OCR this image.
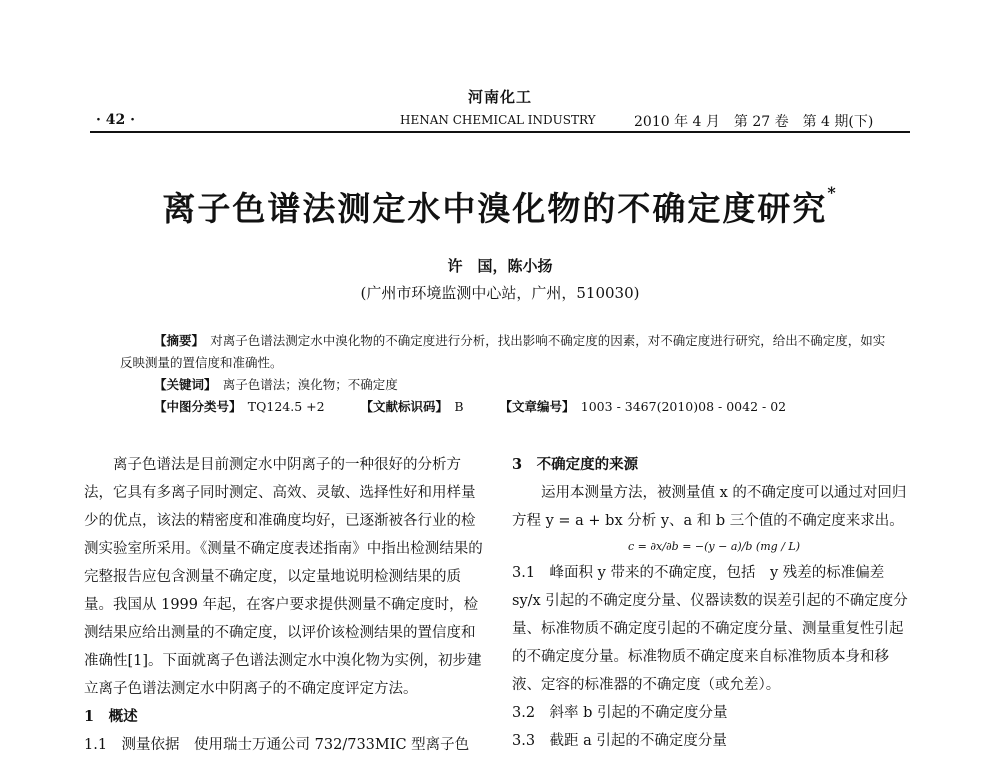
河南化工
· 42 ·	HENAN CHEMICAL INDUSTRY	2010 年 4 月　第 27 卷　第 4 期(下)
离子色谱法测定水中溴化物的不确定度研究*
许　国，陈小扬
(广州市环境监测中心站，广州，510030)

【摘要】　 对离子色谱法测定水中溴化物的不确定度进行分析，找出影响不确定度的因素，对不确定度进行研究，给出不确定度，如实反映测量的置信度和准确性。

【关键词】　 离子色谱法；溴化物；不确定度

【中图分类号】　 TQ124.5 +2	【文献标识码】　 B	【文章编号】　 1003 - 3467(2010)08 - 0042 - 02

离子色谱法是目前测定水中阴离子的一种很好的分析方法，它具有多离子同时测定、高效、灵敏、选择性好和用样量少的优点，该法的精密度和准确度均好，已逐渐被各行业的检测实验室所采用。《测量不确定度表述指南》中指出检测结果的完整报告应包含测量不确定度，以定量地说明检测结果的质量。我国从 1999 年起，在客户要求提供测量不确定度时，检测结果应给出测量的不确定度，以评价该检测结果的置信度和准确性[1]。下面就离子色谱法测定水中溴化物为实例，初步建立离子色谱法测定水中阴离子的不确定度评定方法。

1　概述

1.1　测量依据　使用瑞士万通公司 732/733MIC 型离子色

3　不确定度的来源

运用本测量方法，被测量值 x 的不确定度可以通过对回归方程 y = a + bx 分析 y、a 和 b 三个值的不确定度来求出。

c = ∂x/∂b = −(y − a)/b (mg / L)

3.1　峰面积 y 带来的不确定度，包括　y 残差的标准偏差 sy/x 引起的不确定度分量、仪器读数的误差引起的不确定度分量、标准物质不确定度引起的不确定度分量、测量重复性引起的不确定度分量。标准物质不确定度来自标准物质本身和移液、定容的标准器的不确定度（或允差）。

3.2　斜率 b 引起的不确定度分量

3.3　截距 a 引起的不确定度分量
